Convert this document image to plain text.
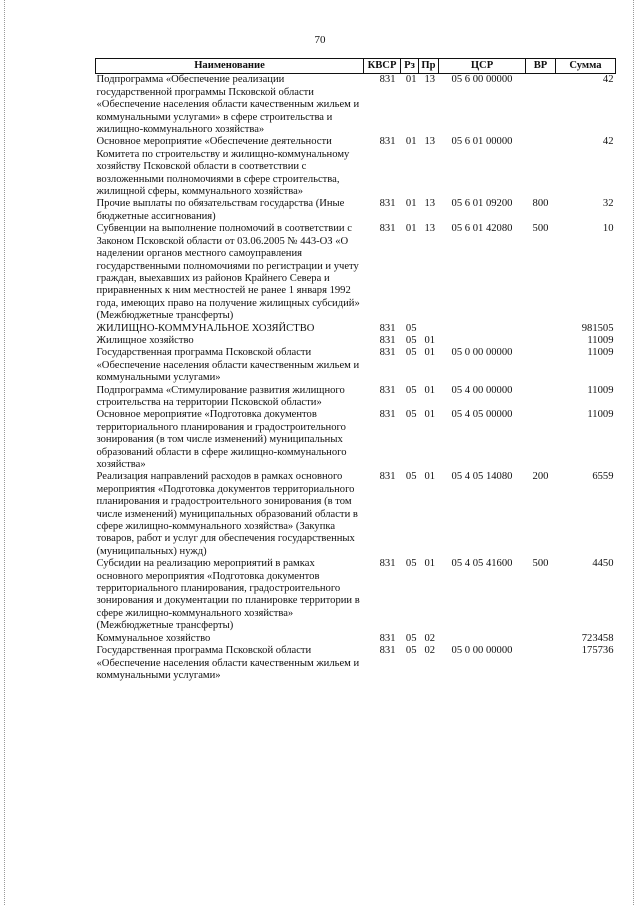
70
Наименование	КВСР	Рз	Пр	ЦСР	ВР	Сумма
Подпрограмма «Обеспечение реализации государственной программы Псковской области «Обеспечение населения области качественным жильем и коммунальными услугами» в сфере строительства и жилищно-коммунального хозяйства»	831	01	13	05 6 00 00000		42
Основное мероприятие «Обеспечение деятельности Комитета по строительству и жилищно-коммунальному хозяйству Псковской области в соответствии с возложенными полномочиями в сфере строительства, жилищной сферы, коммунального хозяйства»	831	01	13	05 6 01 00000		42
Прочие выплаты по обязательствам государства (Иные бюджетные ассигнования)	831	01	13	05 6 01 09200	800	32
Субвенции на выполнение полномочий в соответствии с Законом Псковской области от 03.06.2005 № 443-ОЗ «О наделении органов местного самоуправления государственными полномочиями по регистрации и учету граждан, выехавших из районов Крайнего Севера и приравненных к ним местностей не ранее 1 января 1992 года, имеющих право на получение жилищных субсидий» (Межбюджетные трансферты)	831	01	13	05 6 01 42080	500	10
ЖИЛИЩНО-КОММУНАЛЬНОЕ ХОЗЯЙСТВО	831	05				981505
Жилищное хозяйство	831	05	01			11009
Государственная программа Псковской области «Обеспечение населения области качественным жильем и коммунальными услугами»	831	05	01	05 0 00 00000		11009
Подпрограмма «Стимулирование развития жилищного строительства на территории Псковской области»	831	05	01	05 4 00 00000		11009
Основное мероприятие «Подготовка документов территориального планирования и градостроительного зонирования (в том числе изменений) муниципальных образований области в сфере жилищно-коммунального хозяйства»	831	05	01	05 4 05 00000		11009
Реализация направлений расходов в рамках основного мероприятия «Подготовка документов территориального планирования и градостроительного зонирования (в том числе изменений) муниципальных образований области в сфере жилищно-коммунального хозяйства» (Закупка товаров, работ и услуг для обеспечения государственных (муниципальных) нужд)	831	05	01	05 4 05 14080	200	6559
Субсидии на реализацию мероприятий в рамках основного мероприятия «Подготовка документов территориального планирования, градостроительного зонирования и документации по планировке территории в сфере жилищно-коммунального хозяйства» (Межбюджетные трансферты)	831	05	01	05 4 05 41600	500	4450
Коммунальное хозяйство	831	05	02			723458
Государственная программа Псковской области «Обеспечение населения области качественным жильем и коммунальными услугами»	831	05	02	05 0 00 00000		175736
